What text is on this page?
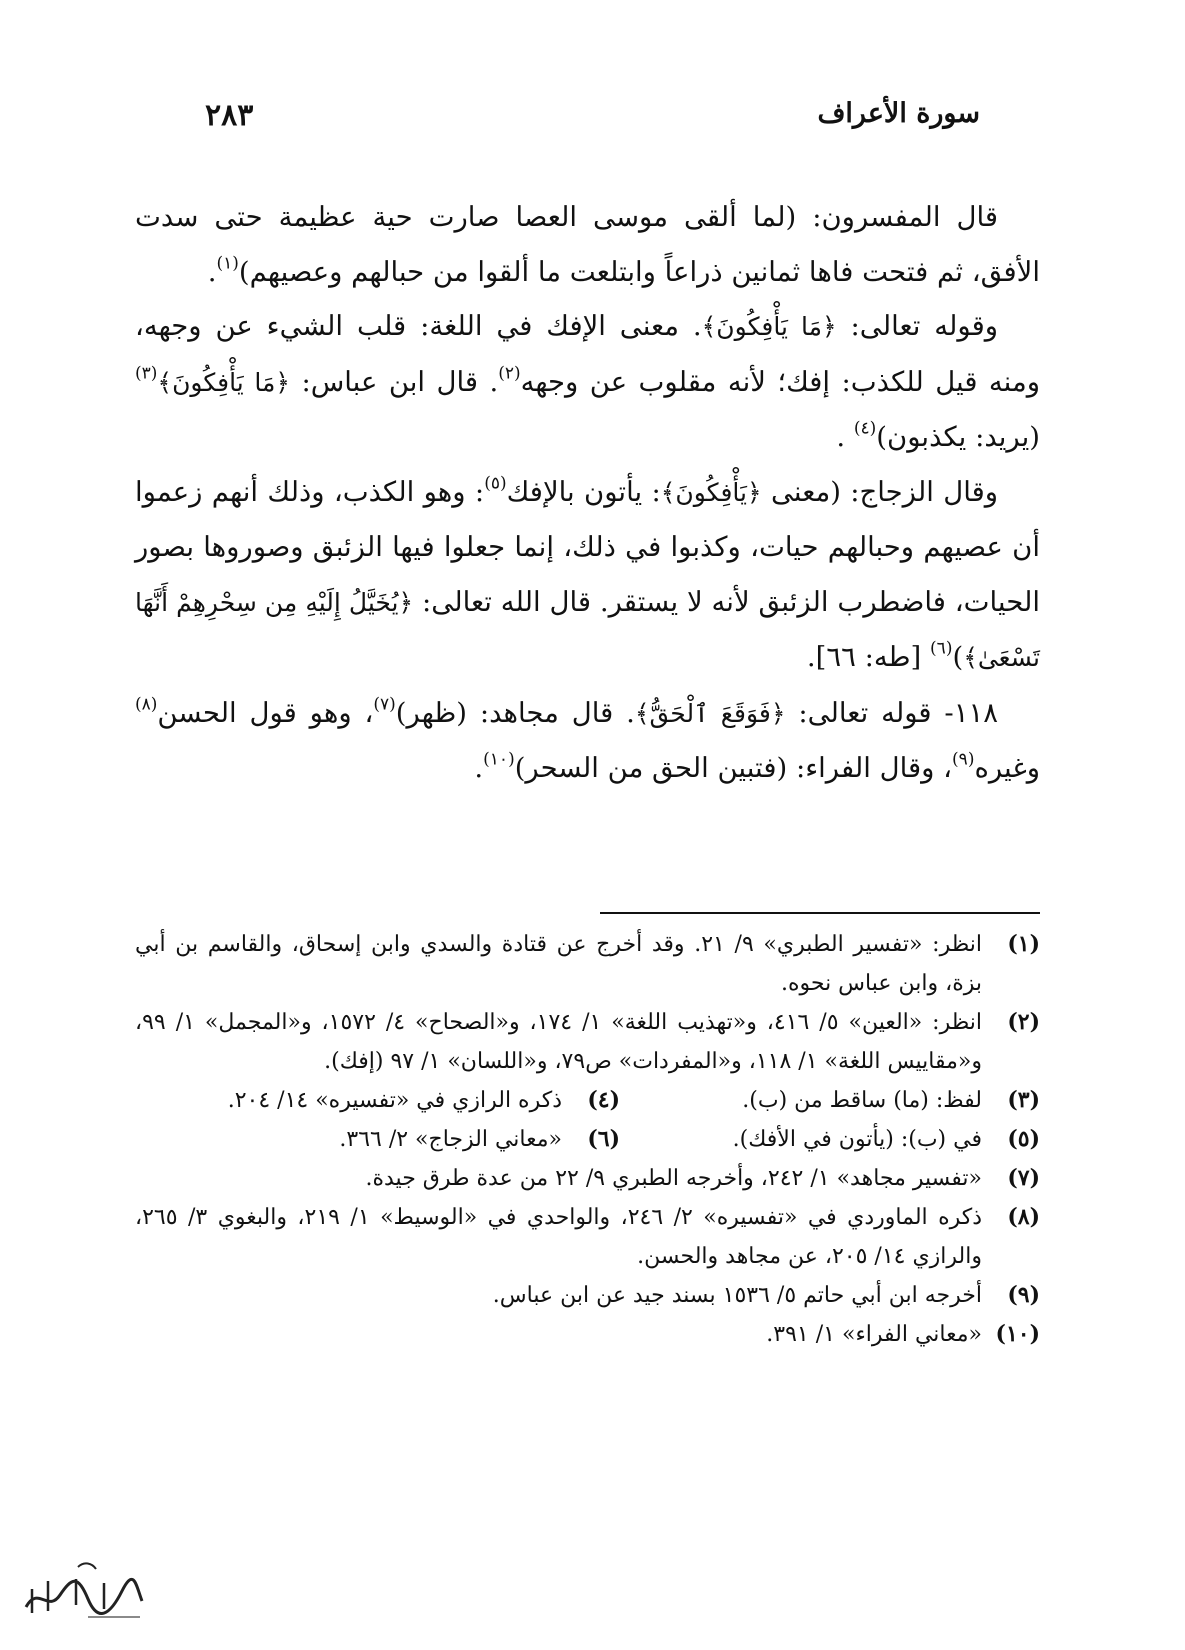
٢٨٣	سورة الأعراف

قال المفسرون: (لما ألقى موسى العصا صارت حية عظيمة حتى سدت الأفق، ثم فتحت فاها ثمانين ذراعاً وابتلعت ما ألقوا من حبالهم وعصيهم)$^{(١)}$.

وقوله تعالى: ﴿مَا يَأْفِكُونَ﴾. معنى الإفك في اللغة: قلب الشيء عن وجهه، ومنه قيل للكذب: إفك؛ لأنه مقلوب عن وجهه$^{(٢)}$. قال ابن عباس: ﴿مَا يَأْفِكُونَ﴾$^{(٣)}$ (يريد: يكذبون)$^{(٤)}$ .

وقال الزجاج: (معنى ﴿يَأْفِكُونَ﴾: يأتون بالإفك$^{(٥)}$: وهو الكذب، وذلك أنهم زعموا أن عصيهم وحبالهم حيات، وكذبوا في ذلك، إنما جعلوا فيها الزئبق وصوروها بصور الحيات، فاضطرب الزئبق لأنه لا يستقر. قال الله تعالى: ﴿يُخَيَّلُ إِلَيْهِ مِن سِحْرِهِمْ أَنَّهَا تَسْعَىٰ﴾)$^{(٦)}$ [طه: ٦٦].

١١٨- قوله تعالى: ﴿فَوَقَعَ ٱلْحَقُّ﴾. قال مجاهد: (ظهر)$^{(٧)}$، وهو قول الحسن$^{(٨)}$ وغيره$^{(٩)}$، وقال الفراء: (فتبين الحق من السحر)$^{(١٠)}$.

(١)
انظر: «تفسير الطبري» ٩/ ٢١. وقد أخرج عن قتادة والسدي وابن إسحاق، والقاسم بن أبي بزة، وابن عباس نحوه.
(٢)
انظر: «العين» ٥/ ٤١٦، و«تهذيب اللغة» ١/ ١٧٤، و«الصحاح» ٤/ ١٥٧٢، و«المجمل» ١/ ٩٩، و«مقاييس اللغة» ١/ ١١٨، و«المفردات» ص٧٩، و«اللسان» ١/ ٩٧ (إفك).
(٣)
لفظ: (ما) ساقط من (ب).
(٤)
ذكره الرازي في «تفسيره» ١٤/ ٢٠٤.
(٥)
في (ب): (يأتون في الأفك).
(٦)
«معاني الزجاج» ٢/ ٣٦٦.
(٧)
«تفسير مجاهد» ١/ ٢٤٢، وأخرجه الطبري ٩/ ٢٢ من عدة طرق جيدة.
(٨)
ذكره الماوردي في «تفسيره» ٢/ ٢٤٦، والواحدي في «الوسيط» ١/ ٢١٩، والبغوي ٣/ ٢٦٥، والرازي ١٤/ ٢٠٥، عن مجاهد والحسن.
(٩)
أخرجه ابن أبي حاتم ٥/ ١٥٣٦ بسند جيد عن ابن عباس.
(١٠)
«معاني الفراء» ١/ ٣٩١.
